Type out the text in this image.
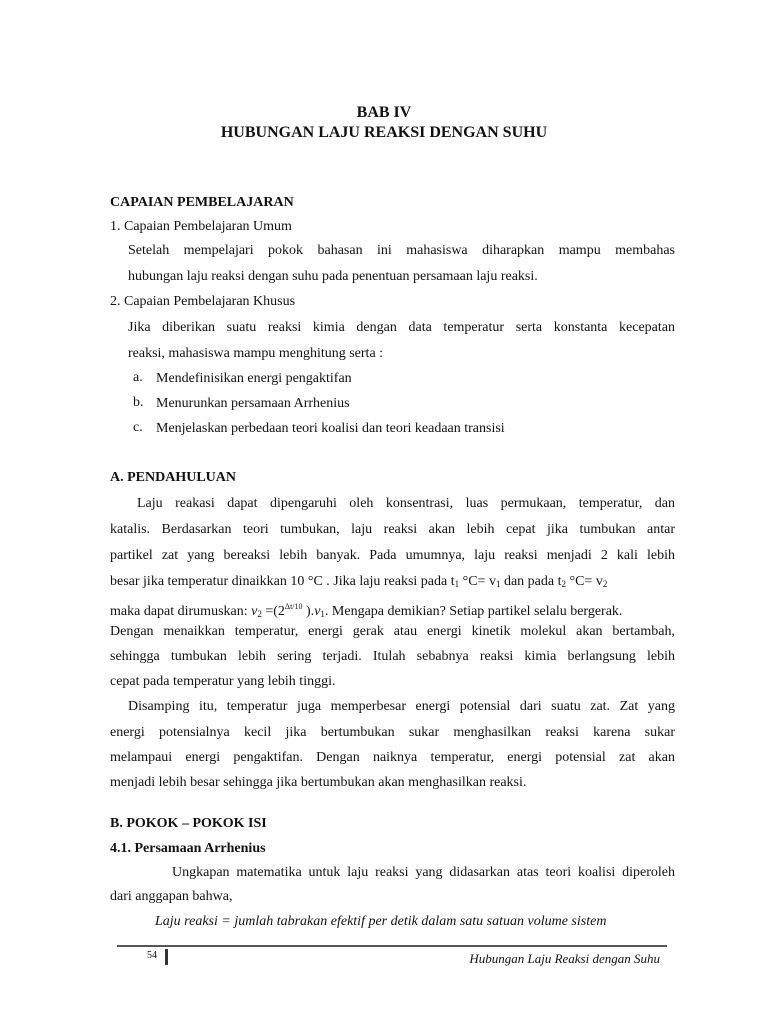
BAB IV
HUBUNGAN LAJU REAKSI DENGAN SUHU
CAPAIAN PEMBELAJARAN
1. Capaian Pembelajaran Umum
Setelah mempelajari pokok bahasan ini mahasiswa diharapkan mampu membahas
hubungan laju reaksi dengan suhu pada penentuan persamaan laju reaksi.
2. Capaian Pembelajaran Khusus
Jika diberikan suatu reaksi kimia dengan data temperatur serta konstanta kecepatan
reaksi, mahasiswa mampu menghitung serta :
a. Mendefinisikan energi pengaktifan
b. Menurunkan persamaan Arrhenius
c. Menjelaskan perbedaan teori koalisi dan teori keadaan transisi
A. PENDAHULUAN
Laju reakasi dapat dipengaruhi oleh konsentrasi, luas permukaan, temperatur, dan
katalis. Berdasarkan teori tumbukan, laju reaksi akan lebih cepat jika tumbukan antar
partikel zat yang bereaksi lebih banyak. Pada umumnya, laju reaksi menjadi 2 kali lebih
besar jika temperatur dinaikkan 10 °C . Jika laju reaksi pada $t_1$ $^\circ C= v_1$ dan pada $t_2$ $^\circ C= v_2$
maka dapat dirumuskan: $v_2 =(2^{\Delta t/10}$ )$.v_1$. Mengapa demikian? Setiap partikel selalu bergerak.
Dengan menaikkan temperatur, energi gerak atau energi kinetik molekul akan bertambah,
sehingga tumbukan lebih sering terjadi. Itulah sebabnya reaksi kimia berlangsung lebih
cepat pada temperatur yang lebih tinggi.
Disamping itu, temperatur juga memperbesar energi potensial dari suatu zat. Zat yang
energi potensialnya kecil jika bertumbukan sukar menghasilkan reaksi karena sukar
melampaui energi pengaktifan. Dengan naiknya temperatur, energi potensial zat akan
menjadi lebih besar sehingga jika bertumbukan akan menghasilkan reaksi.
B. POKOK – POKOK ISI
4.1. Persamaan Arrhenius
Ungkapan matematika untuk laju reaksi yang didasarkan atas teori koalisi diperoleh
dari anggapan bahwa,
Laju reaksi = jumlah tabrakan efektif per detik dalam satu satuan volume sistem
54	Hubungan Laju Reaksi dengan Suhu
